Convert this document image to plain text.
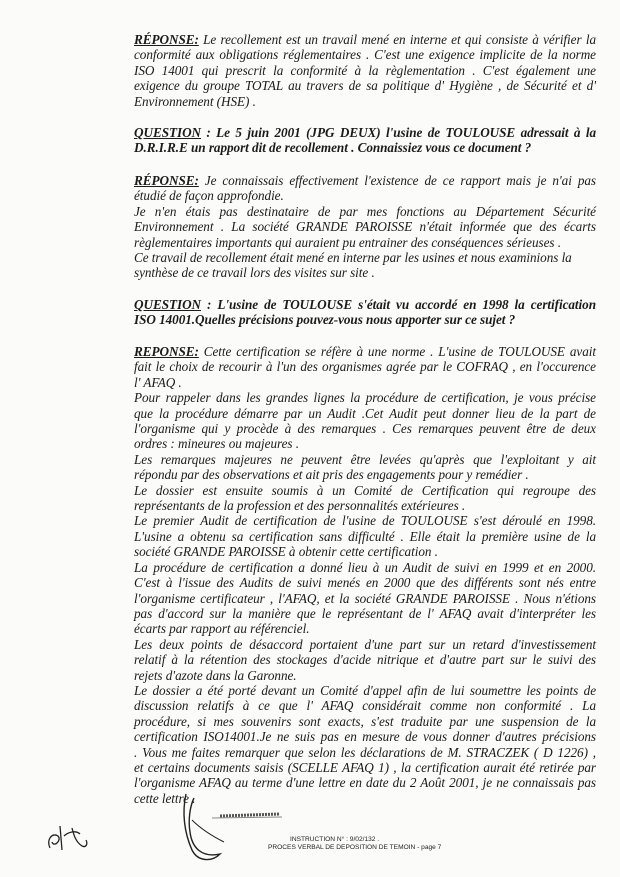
RÉPONSE: Le recollement est un travail mené en interne et qui consiste à vérifier la
conformité aux obligations réglementaires . C'est une exigence implicite de la norme
ISO 14001 qui prescrit la conformité à la règlementation . C'est également une
exigence du groupe TOTAL au travers de sa politique d' Hygiène , de Sécurité et d'
Environnement (HSE) .
QUESTION : Le 5 juin 2001 (JPG DEUX) l'usine de TOULOUSE adressait à la
D.R.I.R.E un rapport dit de recollement . Connaissiez vous ce document ?
RÉPONSE: Je connaissais effectivement l'existence de ce rapport mais je n'ai pas
étudié de façon approfondie.
Je n'en étais pas destinataire de par mes fonctions au Département Sécurité
Environnement . La société GRANDE PAROISSE n'était informée que des écarts
règlementaires importants qui auraient pu entrainer des conséquences sérieuses .
Ce travail de recollement était mené en interne par les usines et nous examinions la
synthèse de ce travail lors des visites sur site .
QUESTION : L'usine de TOULOUSE s'était vu accordé en 1998 la certification
ISO 14001.Quelles précisions pouvez-vous nous apporter sur ce sujet ?
REPONSE: Cette certification se réfère à une norme . L'usine de TOULOUSE avait
fait le choix de recourir à l'un des organismes agrée par le COFRAQ , en l'occurence
l' AFAQ .
Pour rappeler dans les grandes lignes la procédure de certification, je vous précise
que la procédure démarre par un Audit .Cet Audit peut donner lieu de la part de
l'organisme qui y procède à des remarques . Ces remarques peuvent être de deux
ordres : mineures ou majeures .
Les remarques majeures ne peuvent être levées qu'après que l'exploitant y ait
répondu par des observations et ait pris des engagements pour y remédier .
Le dossier est ensuite soumis à un Comité de Certification qui regroupe des
représentants de la profession et des personnalités extérieures .
Le premier Audit de certification de l'usine de TOULOUSE s'est déroulé en 1998.
L'usine a obtenu sa certification sans difficulté . Elle était la première usine de la
société GRANDE PAROISSE à obtenir cette certification .
La procédure de certification a donné lieu à un Audit de suivi en 1999 et en 2000.
C'est à l'issue des Audits de suivi menés en 2000 que des différents sont nés entre
l'organisme certificateur , l'AFAQ, et la société GRANDE PAROISSE . Nous n'étions
pas d'accord sur la manière que le représentant de l' AFAQ avait d'interpréter les
écarts par rapport au référenciel.
Les deux points de désaccord portaient d'une part sur un retard d'investissement
relatif à la rétention des stockages d'acide nitrique et d'autre part sur le suivi des
rejets d'azote dans la Garonne.
Le dossier a été porté devant un Comité d'appel afin de lui soumettre les points de
discussion relatifs à ce que l' AFAQ considérait comme non conformité . La
procédure, si mes souvenirs sont exacts, s'est traduite par une suspension de la
certification ISO14001.Je ne suis pas en mesure de vous donner d'autres précisions
. Vous me faites remarquer que selon les déclarations de M. STRACZEK ( D 1226) ,
et certains documents saisis (SCELLE AFAQ 1) , la certification aurait été retirée par
l'organisme AFAQ au terme d'une lettre en date du 2 Août 2001, je ne connaissais pas
cette lettre .
INSTRUCTION N° : 9/02/132 .
PROCES VERBAL DE DEPOSITION DE TEMOIN - page 7
